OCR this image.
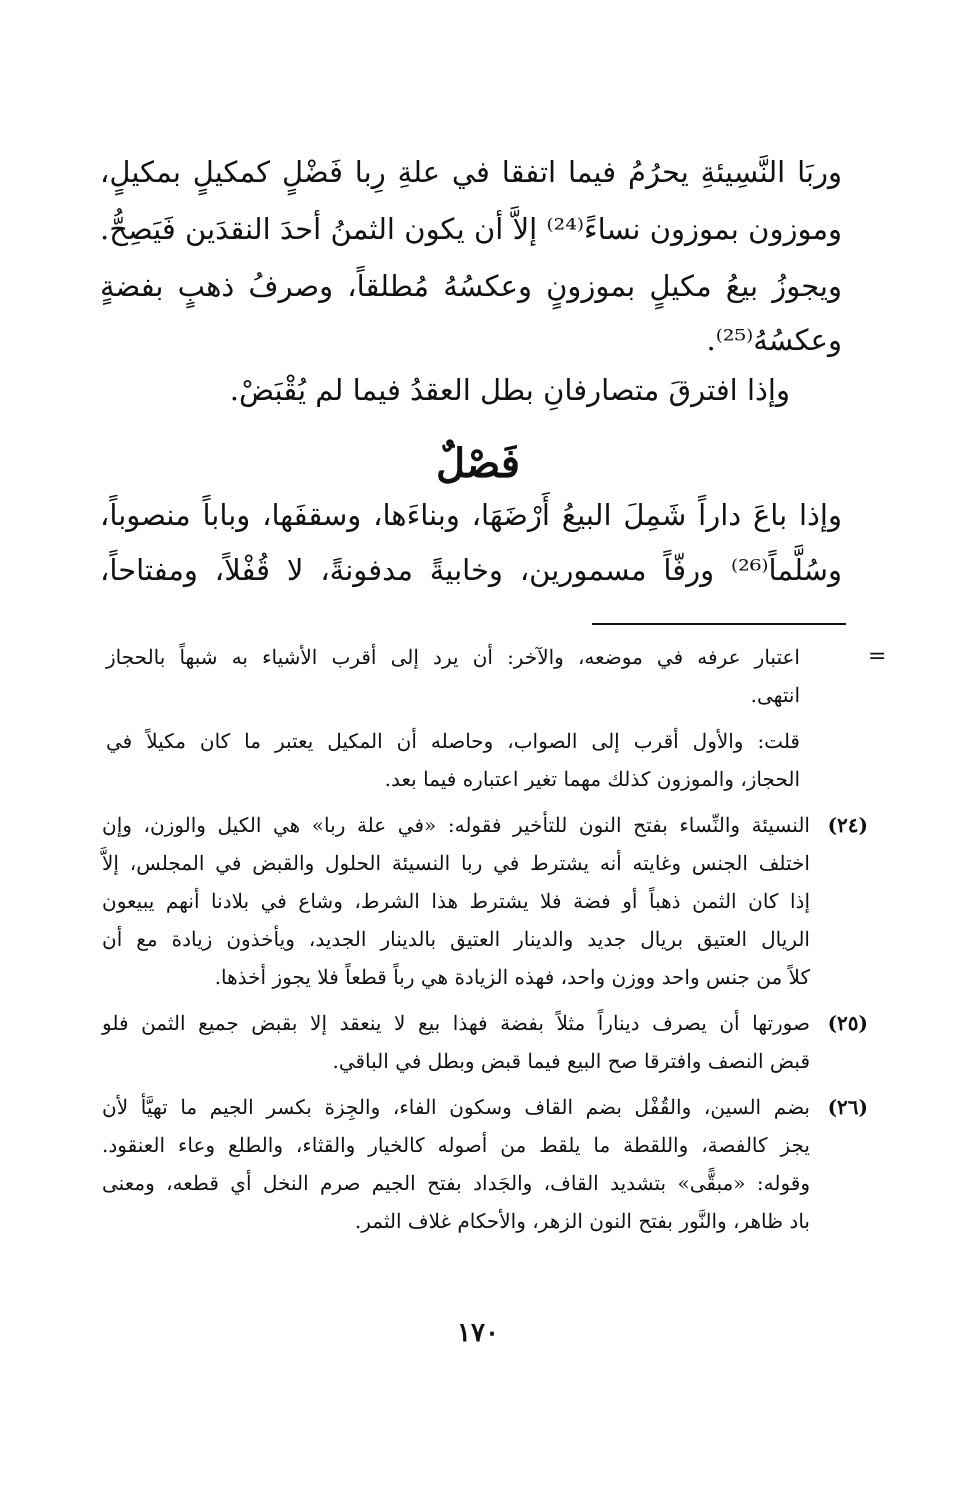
وربَا النَّسِيئةِ يحرُمُ فيما اتفقا في علةِ رِبا فَضْلٍ كمكيلٍ بمكيلٍ،
وموزون بموزون نساءً⁽²⁴⁾ إلاَّ أن يكون الثمنُ أحدَ النقدَين فَيَصِحُّ.
ويجوزُ بيعُ مكيلٍ بموزونٍ وعكسُهُ مُطلقاً، وصرفُ ذهبٍ بفضةٍ
وعكسُهُ⁽²⁵⁾.
وإذا افترقَ متصارفانِ بطل العقدُ فيما لم يُقْبَضْ.
فَصْلٌ
وإذا باعَ داراً شَمِلَ البيعُ أَرْضَهَا، وبناءَها، وسقفَها، وباباً منصوباً،
وسُلَّماً⁽²⁶⁾ ورفّاً مسمورين، وخابيةً مدفونةً، لا قُفْلاً، ومفتاحاً،
=
اعتبار عرفه في موضعه، والآخر: أن يرد إلى أقرب الأشياء به شبهاً بالحجاز
انتهى.
قلت: والأول أقرب إلى الصواب، وحاصله أن المكيل يعتبر ما كان مكيلاً في
الحجاز، والموزون كذلك مهما تغير اعتباره فيما بعد.
(٢٤)
النسيئة والنِّساء بفتح النون للتأخير فقوله: «في علة ربا» هي الكيل والوزن، وإن
اختلف الجنس وغايته أنه يشترط في ربا النسيئة الحلول والقبض في المجلس، إلاَّ
إذا كان الثمن ذهباً أو فضة فلا يشترط هذا الشرط، وشاع في بلادنا أنهم يبيعون
الريال العتيق بريال جديد والدينار العتيق بالدينار الجديد، ويأخذون زيادة مع أن
كلاً من جنس واحد ووزن واحد، فهذه الزيادة هي رباً قطعاً فلا يجوز أخذها.
(٢٥)
صورتها أن يصرف ديناراً مثلاً بفضة فهذا بيع لا ينعقد إلا بقبض جميع الثمن فلو
قبض النصف وافترقا صح البيع فيما قبض وبطل في الباقي.
(٢٦)
بضم السين، والقُفْل بضم القاف وسكون الفاء، والجِزة بكسر الجيم ما تهيَّأ لأن
يجز كالفصة، واللقطة ما يلقط من أصوله كالخيار والقثاء، والطلع وعاء العنقود.
وقوله: «مبقًّى» بتشديد القاف، والجَداد بفتح الجيم صرم النخل أي قطعه، ومعنى
باد ظاهر، والنَّور بفتح النون الزهر، والأحكام غلاف الثمر.
١٧٠
